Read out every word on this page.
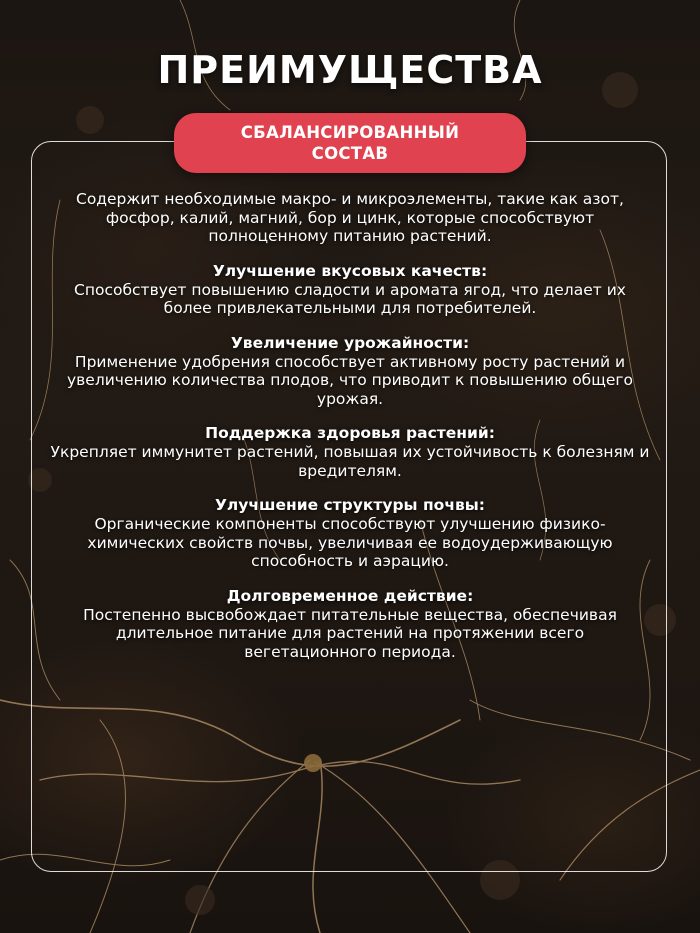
ПРЕИМУЩЕСТВА
СБАЛАНСИРОВАННЫЙ
СОСТАВ

Содержит необходимые макро- и микроэлементы, такие как азот, фосфор, калий, магний, бор и цинк, которые способствуют полноценному питанию растений.

Улучшение вкусовых качеств:

Способствует повышению сладости и аромата ягод, что делает их более привлекательными для потребителей.

Увеличение урожайности:

Применение удобрения способствует активному росту растений и увеличению количества плодов, что приводит к повышению общего урожая.

Поддержка здоровья растений:

Укрепляет иммунитет растений, повышая их устойчивость к болезням и вредителям.

Улучшение структуры почвы:

Органические компоненты способствуют улучшению физико-химических свойств почвы, увеличивая ее водоудерживающую способность и аэрацию.

Долговременное действие:

Постепенно высвобождает питательные вещества, обеспечивая длительное питание для растений на протяжении всего вегетационного периода.
